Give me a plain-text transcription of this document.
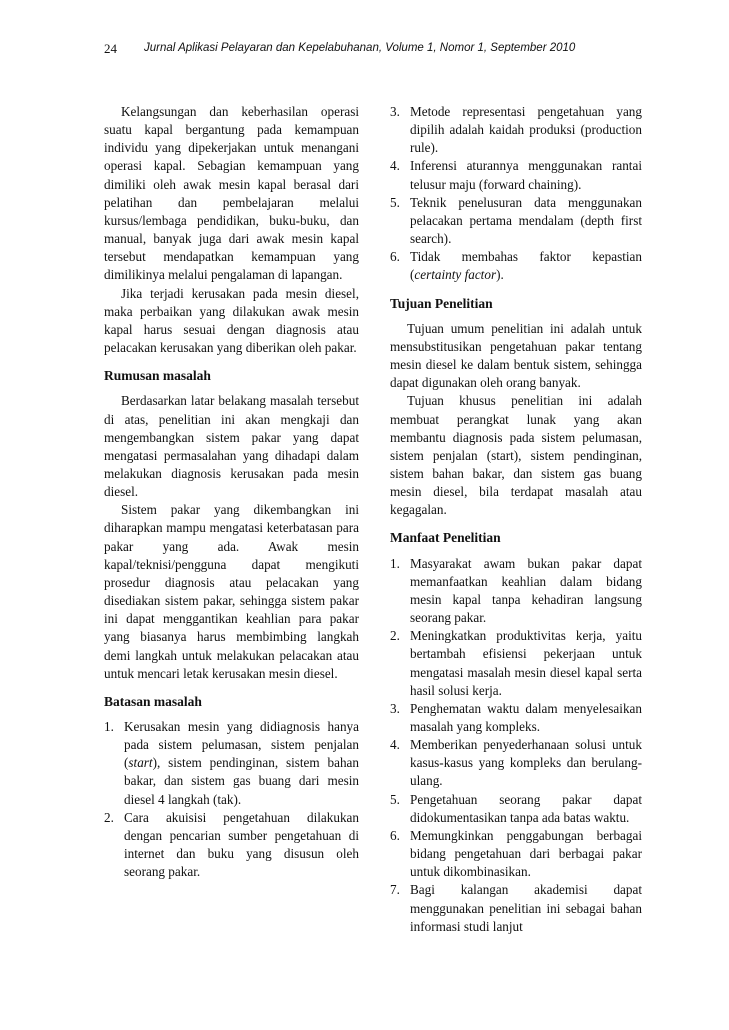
24 Jurnal Aplikasi Pelayaran dan Kepelabuhanan, Volume 1, Nomor 1, September 2010

Kelangsungan dan keberhasilan operasi suatu kapal bergantung pada kemampuan individu yang dipekerjakan untuk menangani operasi kapal. Sebagian kemampuan yang dimiliki oleh awak mesin kapal berasal dari pelatihan dan pembelajaran melalui kursus/lembaga pendidikan, buku-buku, dan manual, banyak juga dari awak mesin kapal tersebut mendapatkan kemampuan yang dimilikinya melalui pengalaman di lapangan.

Jika terjadi kerusakan pada mesin diesel, maka perbaikan yang dilakukan awak mesin kapal harus sesuai dengan diagnosis atau pelacakan kerusakan yang diberikan oleh pakar.

Rumusan masalah

Berdasarkan latar belakang masalah tersebut di atas, penelitian ini akan mengkaji dan mengembangkan sistem pakar yang dapat mengatasi permasalahan yang dihadapi dalam melakukan diagnosis kerusakan pada mesin diesel.

Sistem pakar yang dikembangkan ini diharapkan mampu mengatasi keterbatasan para pakar yang ada. Awak mesin kapal/teknisi/pengguna dapat mengikuti prosedur diagnosis atau pelacakan yang disediakan sistem pakar, sehingga sistem pakar ini dapat menggantikan keahlian para pakar yang biasanya harus membimbing langkah demi langkah untuk melakukan pelacakan atau untuk mencari letak kerusakan mesin diesel.

Batasan masalah
1. Kerusakan mesin yang didiagnosis hanya pada sistem pelumasan, sistem penjalan (start), sistem pendinginan, sistem bahan bakar, dan sistem gas buang dari mesin diesel 4 langkah (tak).
2. Cara akuisisi pengetahuan dilakukan dengan pencarian sumber pengetahuan di internet dan buku yang disusun oleh seorang pakar.
3. Metode representasi pengetahuan yang dipilih adalah kaidah produksi (production rule).
4. Inferensi aturannya menggunakan rantai telusur maju (forward chaining).
5. Teknik penelusuran data menggunakan pelacakan pertama mendalam (depth first search).
6. Tidak membahas faktor kepastian (certainty factor).
Tujuan Penelitian

Tujuan umum penelitian ini adalah untuk mensubstitusikan pengetahuan pakar tentang mesin diesel ke dalam bentuk sistem, sehingga dapat digunakan oleh orang banyak.

Tujuan khusus penelitian ini adalah membuat perangkat lunak yang akan membantu diagnosis pada sistem pelumasan, sistem penjalan (start), sistem pendinginan, sistem bahan bakar, dan sistem gas buang mesin diesel, bila terdapat masalah atau kegagalan.

Manfaat Penelitian
1. Masyarakat awam bukan pakar dapat memanfaatkan keahlian dalam bidang mesin kapal tanpa kehadiran langsung seorang pakar.
2. Meningkatkan produktivitas kerja, yaitu bertambah efisiensi pekerjaan untuk mengatasi masalah mesin diesel kapal serta hasil solusi kerja.
3. Penghematan waktu dalam menyelesaikan masalah yang kompleks.
4. Memberikan penyederhanaan solusi untuk kasus-kasus yang kompleks dan berulang-ulang.
5. Pengetahuan seorang pakar dapat didokumentasikan tanpa ada batas waktu.
6. Memungkinkan penggabungan berbagai bidang pengetahuan dari berbagai pakar untuk dikombinasikan.
7. Bagi kalangan akademisi dapat menggunakan penelitian ini sebagai bahan informasi studi lanjut
